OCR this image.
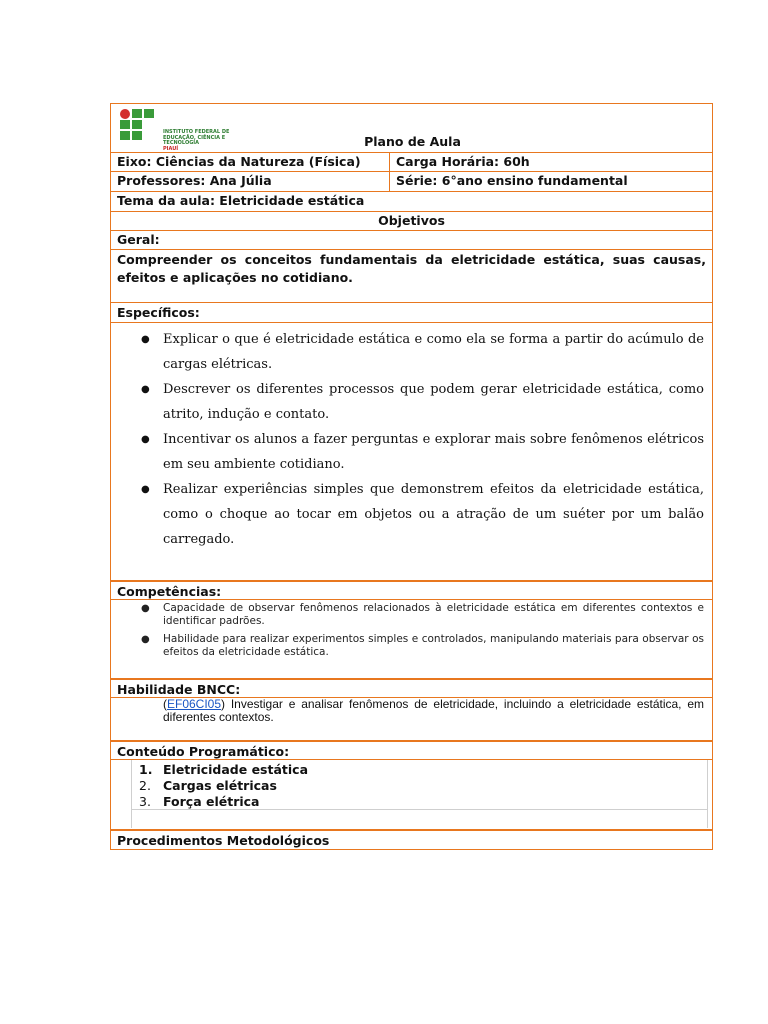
INSTITUTO FEDERAL DE
EDUCAÇÃO, CIÊNCIA E TECNOLOGIA
PIAUÍ	Plano de Aula
Eixo: Ciências da Natureza (Física)	Carga Horária: 60h
Professores: Ana Júlia	Série: 6°ano ensino fundamental
Tema da aula: Eletricidade estática
Objetivos
Geral:
Compreender os conceitos fundamentais da eletricidade estática, suas causas, efeitos e aplicações no cotidiano.
Específicos:
● Explicar o que é eletricidade estática e como ela se forma a partir do acúmulo de cargas elétricas.
● Descrever os diferentes processos que podem gerar eletricidade estática, como atrito, indução e contato.
● Incentivar os alunos a fazer perguntas e explorar mais sobre fenômenos elétricos em seu ambiente cotidiano.
● Realizar experiências simples que demonstrem efeitos da eletricidade estática, como o choque ao tocar em objetos ou a atração de um suéter por um balão carregado.
Competências:
● Capacidade de observar fenômenos relacionados à eletricidade estática em diferentes contextos e identificar padrões.
● Habilidade para realizar experimentos simples e controlados, manipulando materiais para observar os efeitos da eletricidade estática.
Habilidade BNCC:
(EF06CI05) Investigar e analisar fenômenos de eletricidade, incluindo a eletricidade estática, em diferentes contextos.
Conteúdo Programático:
1. Eletricidade estática
2. Cargas elétricas
3. Força elétrica
Procedimentos Metodológicos
